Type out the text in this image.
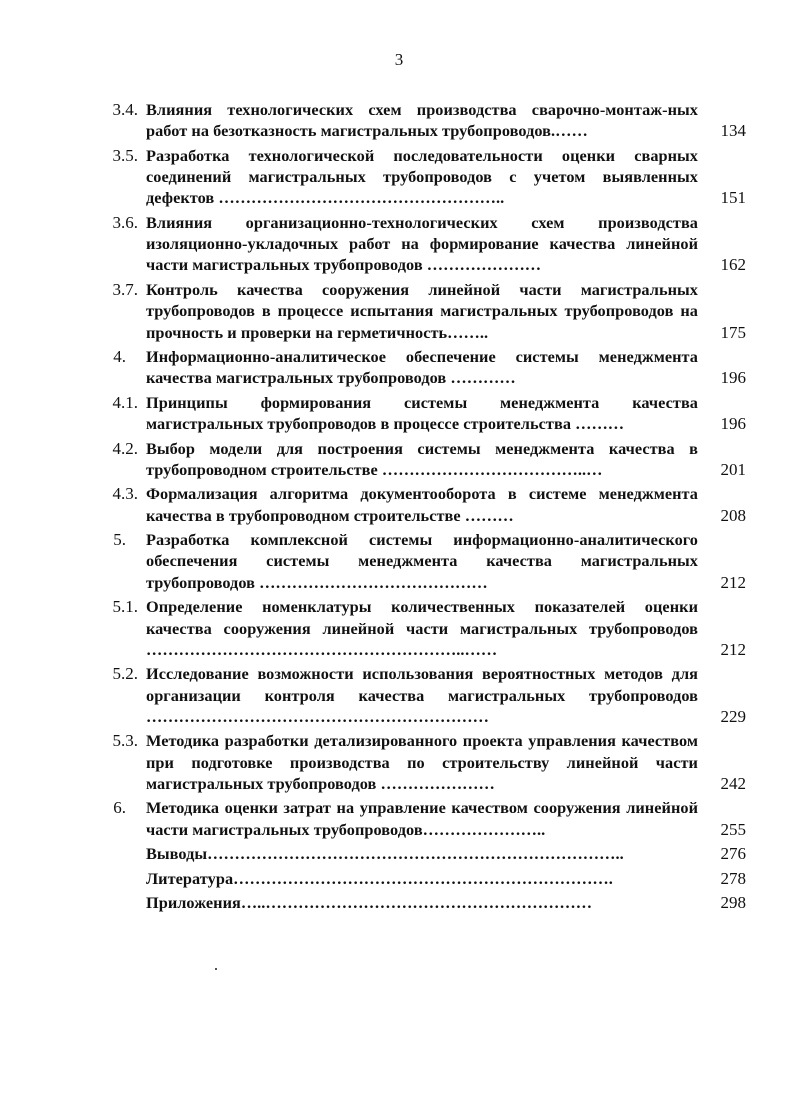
3
3.4. Влияния технологических схем производства сварочно-монтаж-ных работ на безотказность магистральных трубопроводов.……	134
3.5. Разработка технологической последовательности оценки сварных соединений магистральных трубопроводов с учетом выявленных дефектов ……………………………………………..	151
3.6. Влияния организационно-технологических схем производства изоляционно-укладочных работ на формирование качества линейной части магистральных трубопроводов …………………	162
3.7. Контроль качества сооружения линейной части магистральных трубопроводов в процессе испытания магистральных трубопроводов на прочность и проверки на герметичность……..	175
4.	Информационно-аналитическое обеспечение системы менеджмента качества магистральных трубопроводов …………	196
4.1. Принципы формирования системы менеджмента качества магистральных трубопроводов в процессе строительства ………	196
4.2. Выбор модели для построения системы менеджмента качества в трубопроводном строительстве ………………………………..…	201
4.3. Формализация алгоритма документооборота в системе менеджмента качества в трубопроводном строительстве ………	208
5.	Разработка комплексной системы информационно-аналитического обеспечения системы менеджмента качества магистральных трубопроводов ……………………………………	212
5.1. Определение номенклатуры количественных показателей оценки качества сооружения линейной части магистральных трубопроводов …………………………………………………..……	212
5.2. Исследование возможности использования вероятностных методов для организации контроля качества магистральных трубопроводов ………………………………………………………	229
5.3. Методика разработки детализированного проекта управления качеством при подготовке производства по строительству линейной части магистральных трубопроводов …………………	242
6.	Методика оценки затрат на управление качеством сооружения линейной части магистральных трубопроводов…………………..	255
Выводы…………………………………………………………………..	276
Литература…………………………………………………………….	278
Приложения…..……………………………………………………	298
